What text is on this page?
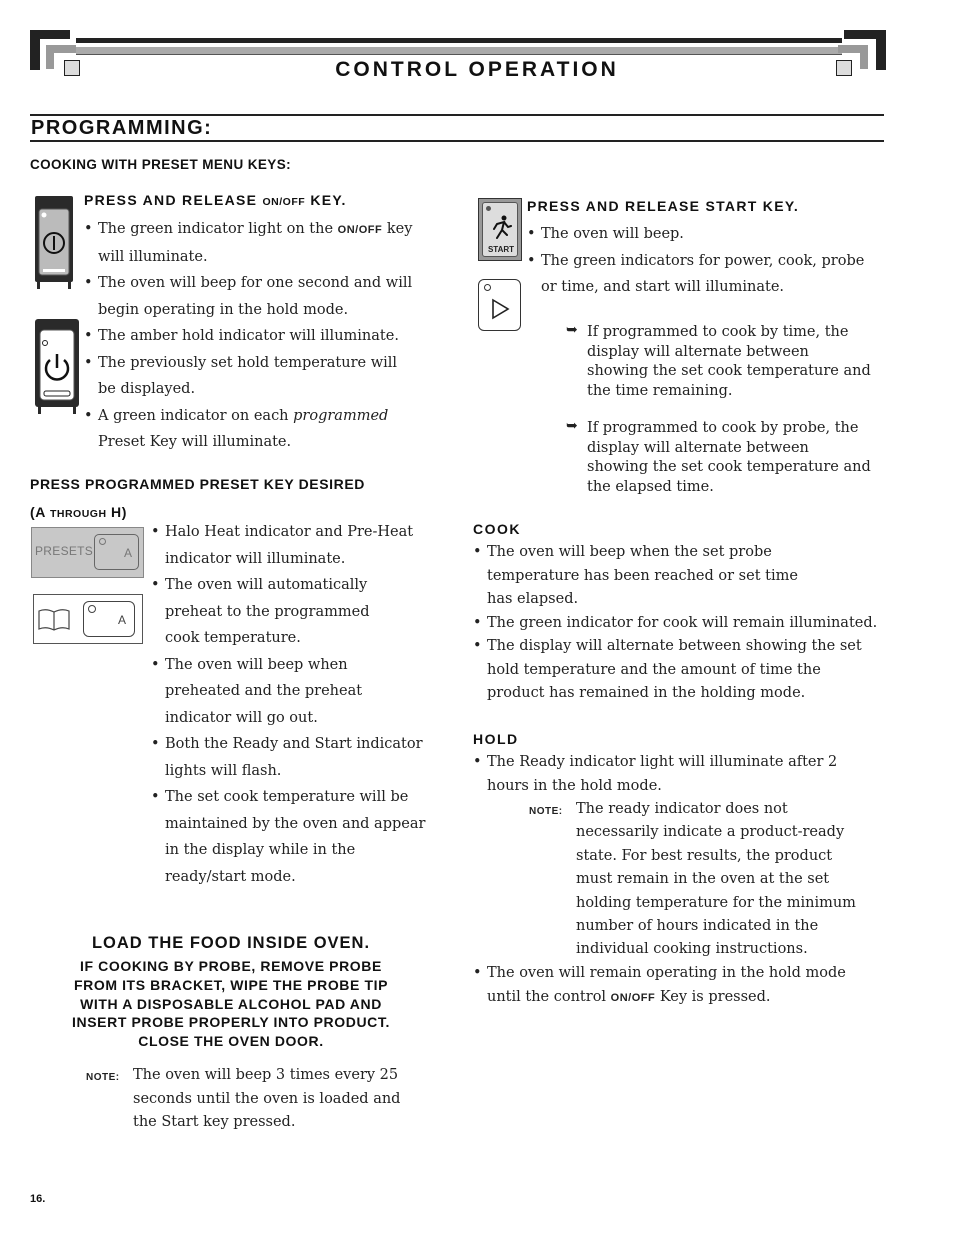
CONTROL OPERATION
PROGRAMMING:
COOKING WITH PRESET MENU KEYS:
PRESS AND RELEASE ON/OFF KEY.
• The green indicator light on the ON/OFF key
will illuminate.
• The oven will beep for one second and will
begin operating in the hold mode.
• The amber hold indicator will illuminate.
• The previously set hold temperature will
be displayed.
• A green indicator on each programmed
Preset Key will illuminate.
PRESS PROGRAMMED PRESET KEY DESIRED
(A THROUGH H)
PRESETS	A
A
• Halo Heat indicator and Pre-Heat
indicator will illuminate.
• The oven will automatically
preheat to the programmed
cook temperature.
• The oven will beep when
preheated and the preheat
indicator will go out.
• Both the Ready and Start indicator
lights will flash.
• The set cook temperature will be
maintained by the oven and appear
in the display while in the
ready/start mode.
LOAD THE FOOD INSIDE OVEN.
IF COOKING BY PROBE, REMOVE PROBE
FROM ITS BRACKET, WIPE THE PROBE TIP
WITH A DISPOSABLE ALCOHOL PAD AND
INSERT PROBE PROPERLY INTO PRODUCT.
CLOSE THE OVEN DOOR.
NOTE: The oven will beep 3 times every 25
seconds until the oven is loaded and
the Start key pressed.
START
PRESS AND RELEASE START KEY.
• The oven will beep.
• The green indicators for power, cook, probe
or time, and start will illuminate.
➥ If programmed to cook by time, the
display will alternate between
showing the set cook temperature and
the time remaining.
➥ If programmed to cook by probe, the
display will alternate between
showing the set cook temperature and
the elapsed time.
COOK
• The oven will beep when the set probe
temperature has been reached or set time
has elapsed.
• The green indicator for cook will remain illuminated.
• The display will alternate between showing the set
hold temperature and the amount of time the
product has remained in the holding mode.
HOLD
• The Ready indicator light will illuminate after 2
hours in the hold mode.
NOTE: The ready indicator does not
necessarily indicate a product-ready
state. For best results, the product
must remain in the oven at the set
holding temperature for the minimum
number of hours indicated in the
individual cooking instructions.
• The oven will remain operating in the hold mode
until the control ON/OFF Key is pressed.
16.
